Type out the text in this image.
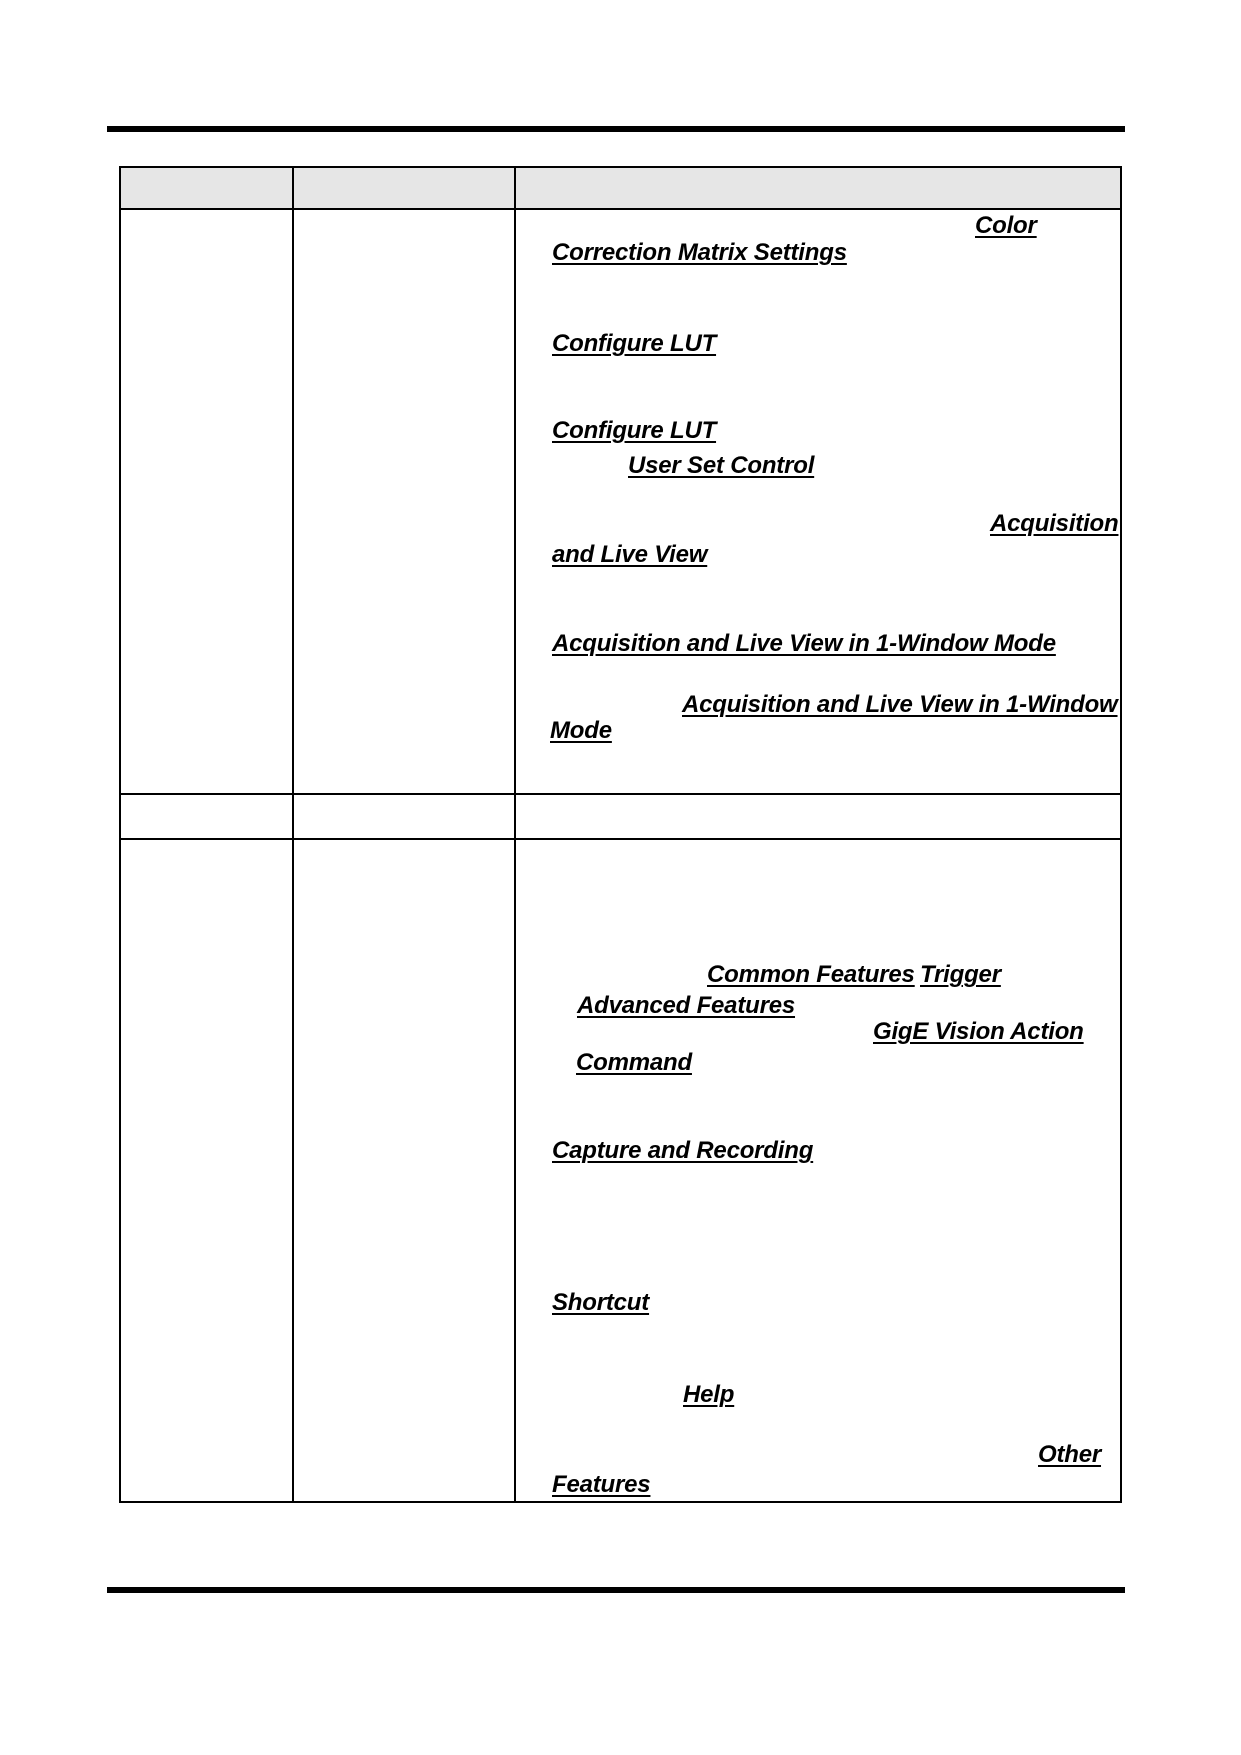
Color
Correction Matrix Settings
Configure LUT
Configure LUT
User Set Control
Acquisition
and Live View
Acquisition and Live View in 1-Window Mode
Acquisition and Live View in 1-Window
Mode
Common Features Trigger
Advanced Features
GigE Vision Action
Command
Capture and Recording
Shortcut
Help
Other
Features
